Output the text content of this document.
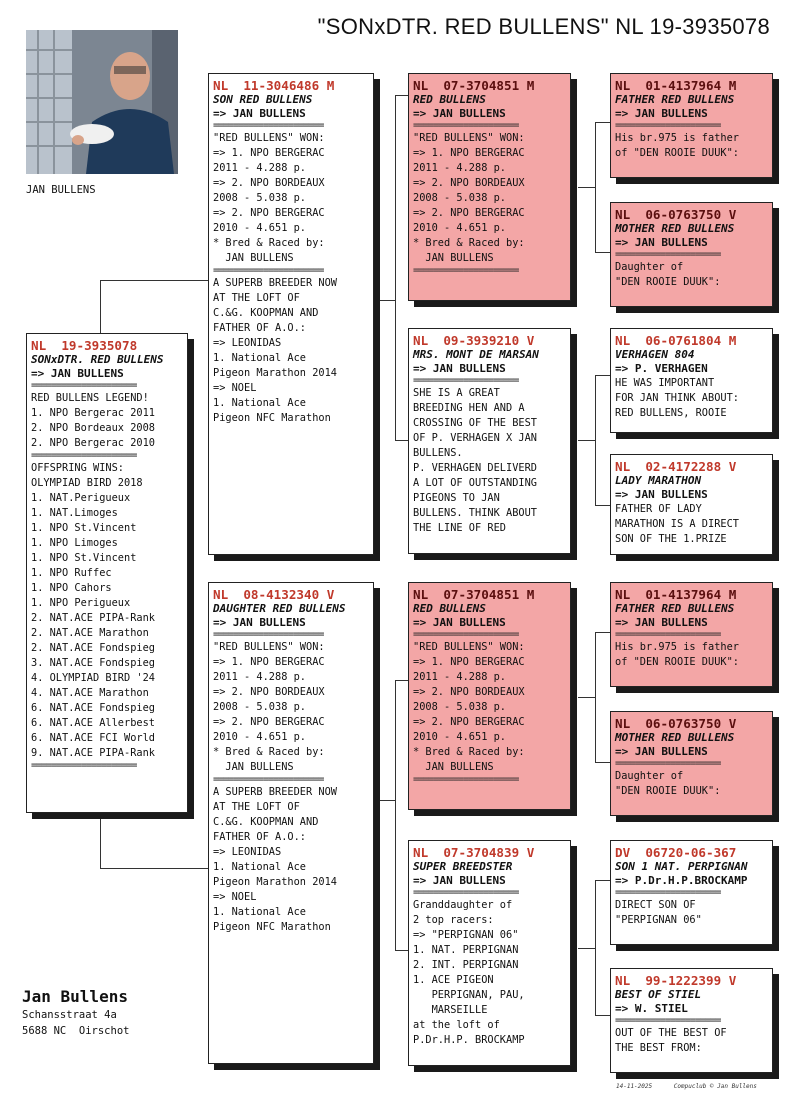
"SONxDTR. RED BULLENS" NL 19-3935078
JAN BULLENS
NL  19-3935078
SONxDTR. RED BULLENS
=> JAN BULLENS
=====================
RED BULLENS LEGEND!
1. NPO Bergerac 2011
2. NPO Bordeaux 2008
2. NPO Bergerac 2010
=====================
OFFSPRING WINS:
OLYMPIAD BIRD 2018
1. NAT.Perigueux
1. NAT.Limoges
1. NPO St.Vincent
1. NPO Limoges
1. NPO St.Vincent
1. NPO Ruffec
1. NPO Cahors
1. NPO Perigueux
2. NAT.ACE PIPA-Rank
2. NAT.ACE Marathon
2. NAT.ACE Fondspieg
3. NAT.ACE Fondspieg
4. OLYMPIAD BIRD '24
4. NAT.ACE Marathon
6. NAT.ACE Fondspieg
6. NAT.ACE Allerbest
6. NAT.ACE FCI World
9. NAT.ACE PIPA-Rank
=====================
NL  11-3046486 M
SON RED BULLENS
=> JAN BULLENS
======================
"RED BULLENS" WON:
=> 1. NPO BERGERAC
2011 - 4.288 p.
=> 2. NPO BORDEAUX
2008 - 5.038 p.
=> 2. NPO BERGERAC
2010 - 4.651 p.
* Bred & Raced by:
JAN BULLENS
======================
A SUPERB BREEDER NOW
AT THE LOFT OF
C.&G. KOOPMAN AND
FATHER OF A.O.:
=> LEONIDAS
1. National Ace
Pigeon Marathon 2014
=> NOEL
1. National Ace
Pigeon NFC Marathon
NL  08-4132340 V
DAUGHTER RED BULLENS
=> JAN BULLENS
======================
"RED BULLENS" WON:
=> 1. NPO BERGERAC
2011 - 4.288 p.
=> 2. NPO BORDEAUX
2008 - 5.038 p.
=> 2. NPO BERGERAC
2010 - 4.651 p.
* Bred & Raced by:
JAN BULLENS
======================
A SUPERB BREEDER NOW
AT THE LOFT OF
C.&G. KOOPMAN AND
FATHER OF A.O.:
=> LEONIDAS
1. National Ace
Pigeon Marathon 2014
=> NOEL
1. National Ace
Pigeon NFC Marathon
NL  07-3704851 M
RED BULLENS
=> JAN BULLENS
=====================
"RED BULLENS" WON:
=> 1. NPO BERGERAC
2011 - 4.288 p.
=> 2. NPO BORDEAUX
2008 - 5.038 p.
=> 2. NPO BERGERAC
2010 - 4.651 p.
* Bred & Raced by:
JAN BULLENS
=====================
NL  09-3939210 V
MRS. MONT DE MARSAN
=> JAN BULLENS
=====================
SHE IS A GREAT
BREEDING HEN AND A
CROSSING OF THE BEST
OF P. VERHAGEN X JAN
BULLENS.
P. VERHAGEN DELIVERD
A LOT OF OUTSTANDING
PIGEONS TO JAN
BULLENS. THINK ABOUT
THE LINE OF RED
NL  07-3704851 M
RED BULLENS
=> JAN BULLENS
=====================
"RED BULLENS" WON:
=> 1. NPO BERGERAC
2011 - 4.288 p.
=> 2. NPO BORDEAUX
2008 - 5.038 p.
=> 2. NPO BERGERAC
2010 - 4.651 p.
* Bred & Raced by:
JAN BULLENS
=====================
NL  07-3704839 V
SUPER BREEDSTER
=> JAN BULLENS
=====================
Granddaughter of
2 top racers:
=> "PERPIGNAN 06"
1. NAT. PERPIGNAN
2. INT. PERPIGNAN
1. ACE PIGEON
PERPIGNAN, PAU,
MARSEILLE
at the loft of
P.Dr.H.P. BROCKAMP
NL  01-4137964 M
FATHER RED BULLENS
=> JAN BULLENS
=====================
His br.975 is father
of "DEN ROOIE DUUK":
NL  06-0763750 V
MOTHER RED BULLENS
=> JAN BULLENS
=====================
Daughter of
"DEN ROOIE DUUK":
NL  06-0761804 M
VERHAGEN 804
=> P. VERHAGEN
HE WAS IMPORTANT
FOR JAN THINK ABOUT:
RED BULLENS, ROOIE
NL  02-4172288 V
LADY MARATHON
=> JAN BULLENS
FATHER OF LADY
MARATHON IS A DIRECT
SON OF THE 1.PRIZE
NL  01-4137964 M
FATHER RED BULLENS
=> JAN BULLENS
=====================
His br.975 is father
of "DEN ROOIE DUUK":
NL  06-0763750 V
MOTHER RED BULLENS
=> JAN BULLENS
=====================
Daughter of
"DEN ROOIE DUUK":
DV  06720-06-367
SON 1 NAT. PERPIGNAN
=> P.Dr.H.P.BROCKAMP
=====================
DIRECT SON OF
"PERPIGNAN 06"
NL  99-1222399 V
BEST OF STIEL
=> W. STIEL
=====================
OUT OF THE BEST OF
THE BEST FROM:
Jan Bullens
Schansstraat 4a
5688 NC  Oirschot
14-11-2025      Compuclub © Jan Bullens
